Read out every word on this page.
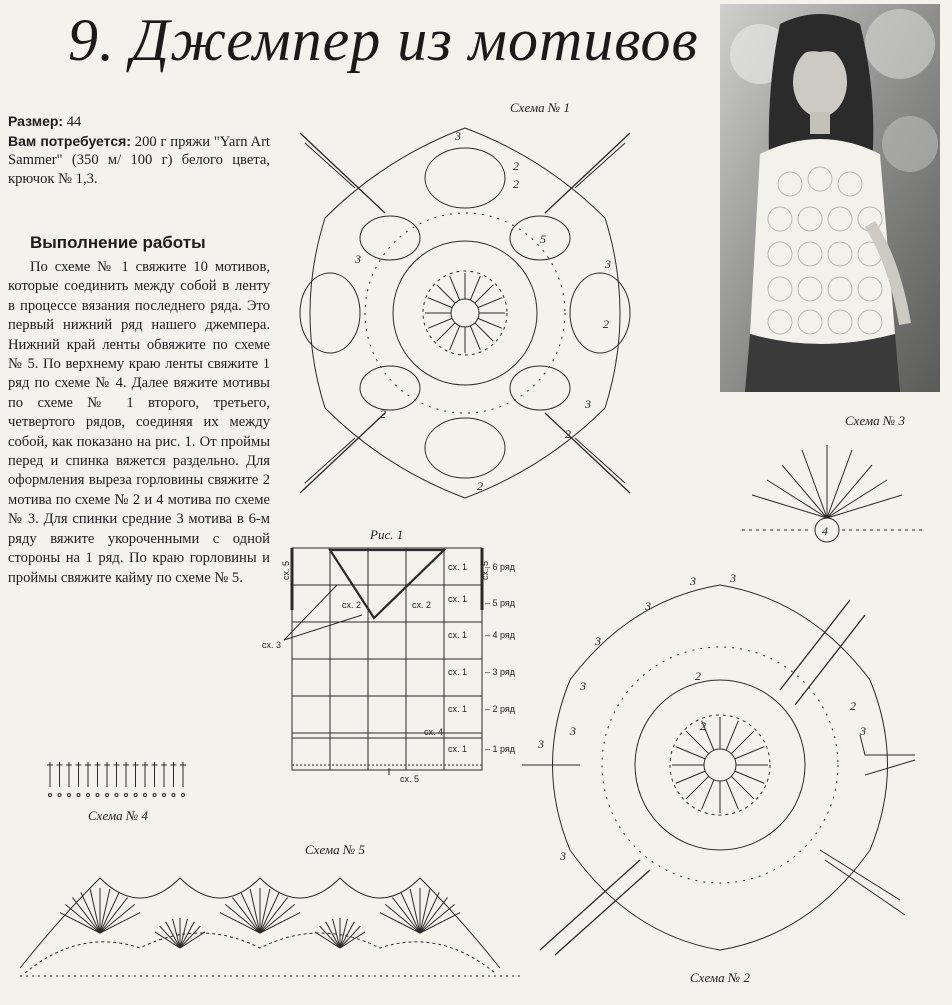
9. Джемпер из мотивов

Размер: 44

Вам потребуется: 200 г пряжи "Yarn Art Sammer" (350 м/ 100 г) белого цвета, крючок № 1,3.

Выполнение работы

По схеме № 1 свяжите 10 мотивов, которые соединить между собой в ленту в процессе вязания последнего ряда. Это первый нижний ряд нашего джемпера. Нижний край ленты обвяжите по схеме № 5. По верхнему краю ленты свяжите 1 ряд по схеме № 4. Далее вяжите мотивы по схеме № 1 второго, третьего, четвертого рядов, соединяя их между собой, как показано на рис. 1. От проймы перед и спинка вяжется раздельно. Для оформления выреза горловины свяжите 2 мотива по схеме № 2 и 4 мотива по схеме № 3. Для спинки средние 3 мотива в 6-м ряду вяжите укороченными с одной стороны на 1 ряд. По краю горловины и проймы свяжите кайму по схеме № 5.

Схема № 1
3
2
2
5
3
2
3
2
2
2
3
Рис. 1
– 6 ряд
сх. 1
– 5 ряд
сх. 1
– 4 ряд
сх. 1
– 3 ряд
сх. 1
– 2 ряд
сх. 1
– 1 ряд
сх. 1
сх. 2	сх. 2
сх. 3
сх. 4
сх. 5
сх. 5	сх. 5
Схема № 3
4
Схема № 2
3
3	3
3
3
3
3
3
2
2
2
3
Схема № 4
Схема № 5
